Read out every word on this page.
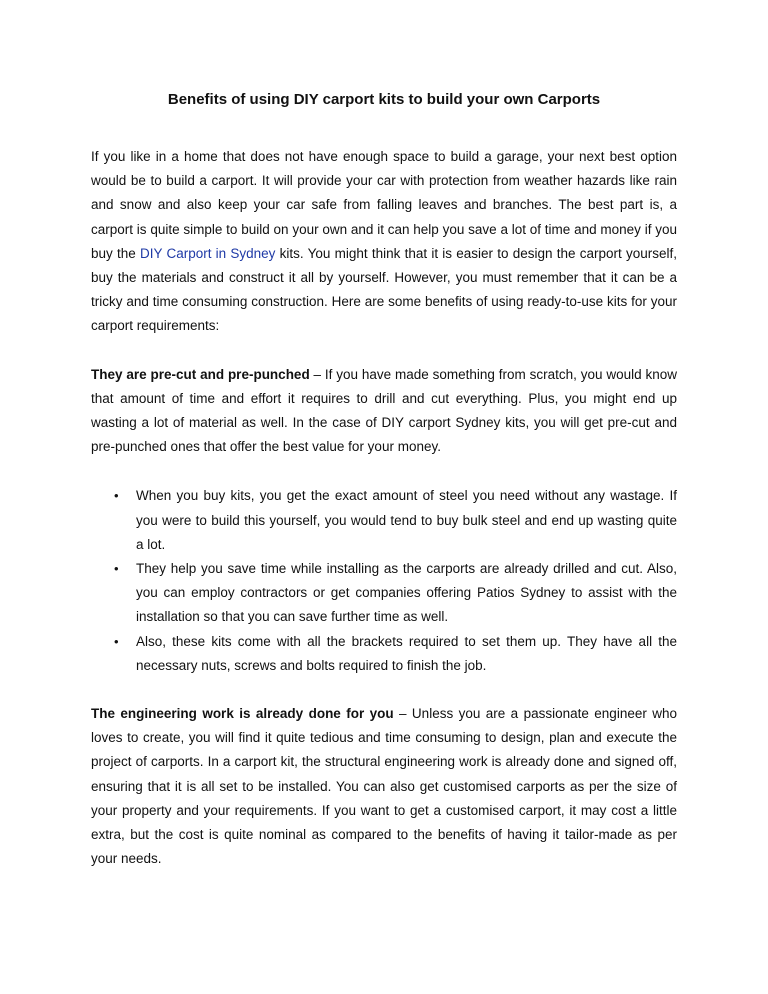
Benefits of using DIY carport kits to build your own Carports

If you like in a home that does not have enough space to build a garage, your next best option would be to build a carport. It will provide your car with protection from weather hazards like rain and snow and also keep your car safe from falling leaves and branches. The best part is, a carport is quite simple to build on your own and it can help you save a lot of time and money if you buy the DIY Carport in Sydney kits. You might think that it is easier to design the carport yourself, buy the materials and construct it all by yourself. However, you must remember that it can be a tricky and time consuming construction. Here are some benefits of using ready-to-use kits for your carport requirements:

They are pre-cut and pre-punched – If you have made something from scratch, you would know that amount of time and effort it requires to drill and cut everything. Plus, you might end up wasting a lot of material as well. In the case of DIY carport Sydney kits, you will get pre-cut and pre-punched ones that offer the best value for your money.

• When you buy kits, you get the exact amount of steel you need without any wastage. If you were to build this yourself, you would tend to buy bulk steel and end up wasting quite a lot.
• They help you save time while installing as the carports are already drilled and cut. Also, you can employ contractors or get companies offering Patios Sydney to assist with the installation so that you can save further time as well.
• Also, these kits come with all the brackets required to set them up. They have all the necessary nuts, screws and bolts required to finish the job.

The engineering work is already done for you – Unless you are a passionate engineer who loves to create, you will find it quite tedious and time consuming to design, plan and execute the project of carports. In a carport kit, the structural engineering work is already done and signed off, ensuring that it is all set to be installed. You can also get customised carports as per the size of your property and your requirements. If you want to get a customised carport, it may cost a little extra, but the cost is quite nominal as compared to the benefits of having it tailor-made as per your needs.
